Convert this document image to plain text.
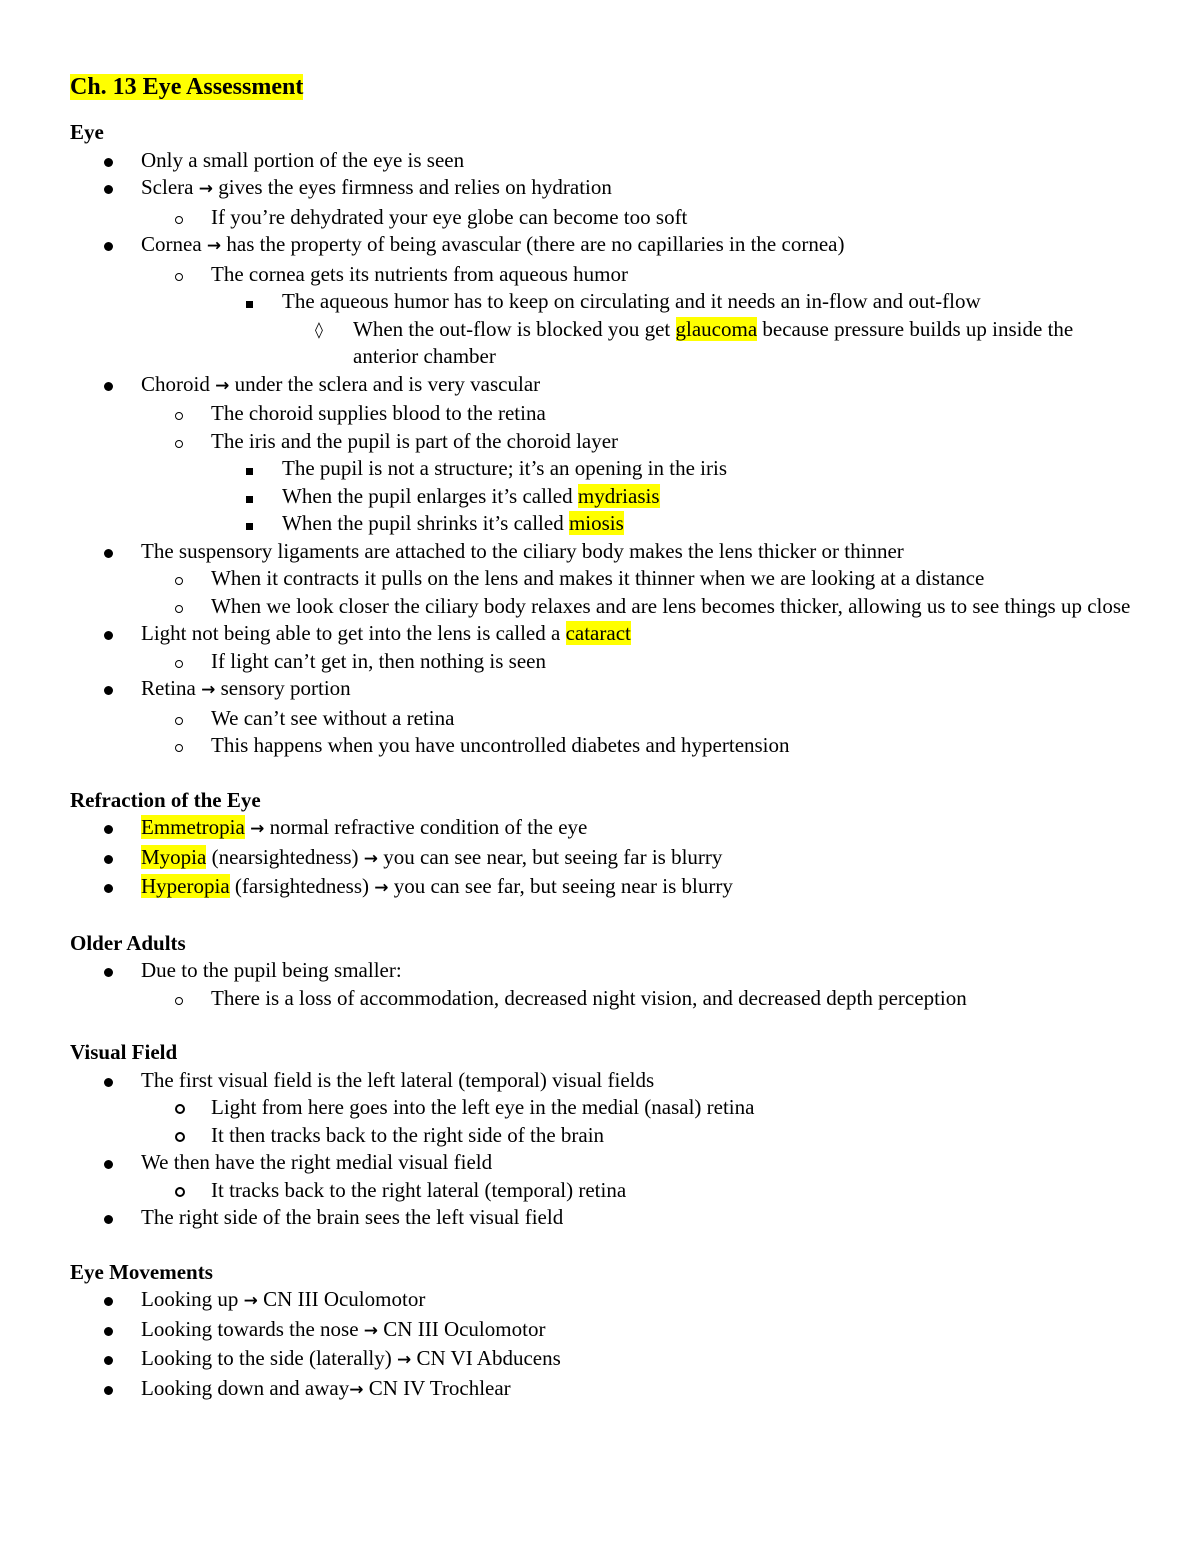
Ch. 13 Eye Assessment
Eye
Only a small portion of the eye is seen
Sclera → gives the eyes firmness and relies on hydration
If you’re dehydrated your eye globe can become too soft
Cornea → has the property of being avascular (there are no capillaries in the cornea)
The cornea gets its nutrients from aqueous humor
The aqueous humor has to keep on circulating and it needs an in-flow and out-flow
◊ When the out-flow is blocked you get glaucoma because pressure builds up inside the anterior chamber
Choroid → under the sclera and is very vascular
The choroid supplies blood to the retina
The iris and the pupil is part of the choroid layer
The pupil is not a structure; it’s an opening in the iris
When the pupil enlarges it’s called mydriasis
When the pupil shrinks it’s called miosis
The suspensory ligaments are attached to the ciliary body makes the lens thicker or thinner
When it contracts it pulls on the lens and makes it thinner when we are looking at a distance
When we look closer the ciliary body relaxes and are lens becomes thicker, allowing us to see things up close
Light not being able to get into the lens is called a cataract
If light can’t get in, then nothing is seen
Retina → sensory portion
We can’t see without a retina
This happens when you have uncontrolled diabetes and hypertension
Refraction of the Eye
Emmetropia → normal refractive condition of the eye
Myopia (nearsightedness) → you can see near, but seeing far is blurry
Hyperopia (farsightedness) → you can see far, but seeing near is blurry
Older Adults
Due to the pupil being smaller:
There is a loss of accommodation, decreased night vision, and decreased depth perception
Visual Field
The first visual field is the left lateral (temporal) visual fields
Light from here goes into the left eye in the medial (nasal) retina
It then tracks back to the right side of the brain
We then have the right medial visual field
It tracks back to the right lateral (temporal) retina
The right side of the brain sees the left visual field
Eye Movements
Looking up → CN III Oculomotor
Looking towards the nose → CN III Oculomotor
Looking to the side (laterally) → CN VI Abducens
Looking down and away→ CN IV Trochlear
